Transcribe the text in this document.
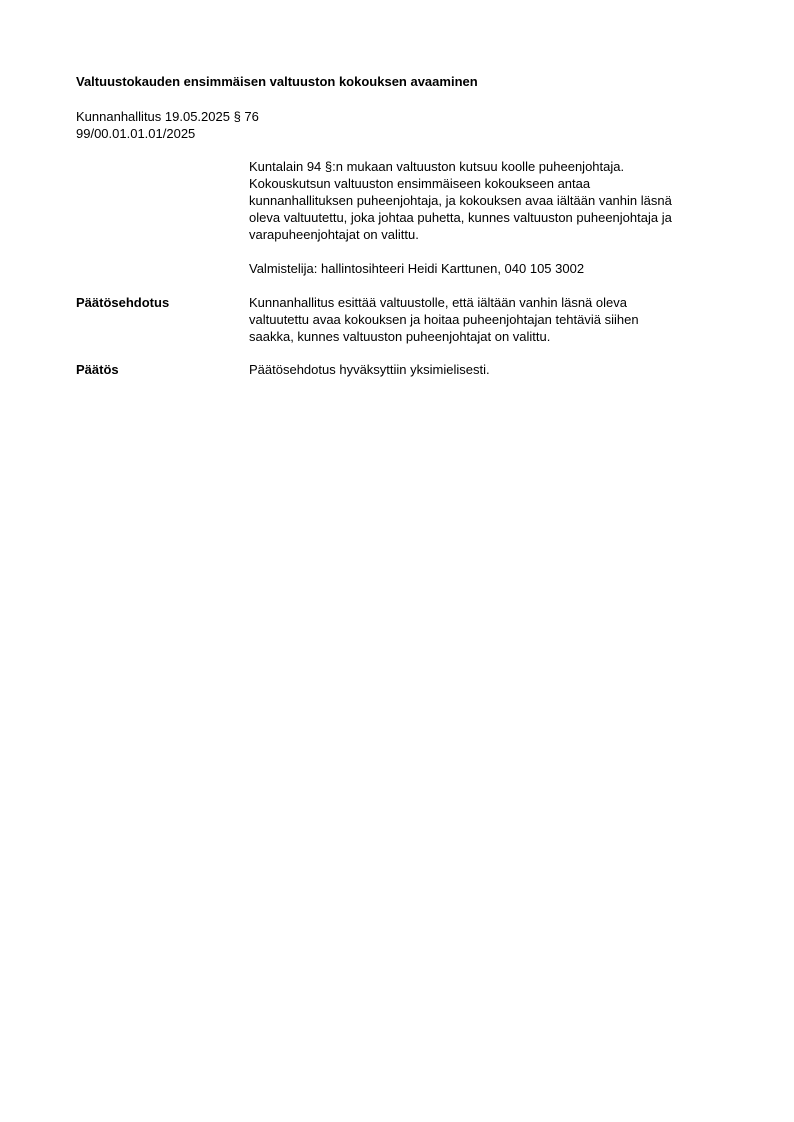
Valtuustokauden ensimmäisen valtuuston kokouksen avaaminen
Kunnanhallitus 19.05.2025 § 76
99/00.01.01.01/2025
Kuntalain 94 §:n mukaan valtuuston kutsuu koolle puheenjohtaja.
Kokouskutsun valtuuston ensimmäiseen kokoukseen antaa
kunnanhallituksen puheenjohtaja, ja kokouksen avaa iältään vanhin läsnä
oleva valtuutettu, joka johtaa puhetta, kunnes valtuuston puheenjohtaja ja
varapuheenjohtajat on valittu.
Valmistelija: hallintosihteeri Heidi Karttunen, 040 105 3002
Päätösehdotus	Kunnanhallitus esittää valtuustolle, että iältään vanhin läsnä oleva
valtuutettu avaa kokouksen ja hoitaa puheenjohtajan tehtäviä siihen
saakka, kunnes valtuuston puheenjohtajat on valittu.
Päätös	Päätösehdotus hyväksyttiin yksimielisesti.
